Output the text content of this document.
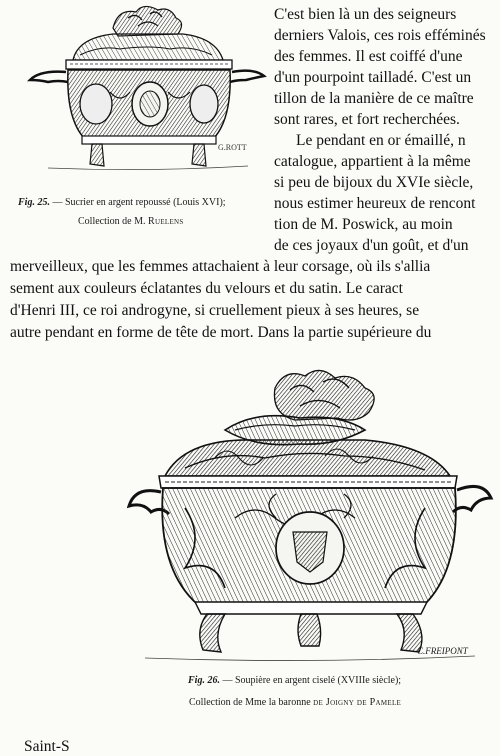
G.ROTT
Fig. 25. — Sucrier en argent repoussé (Louis XVI);
Collection de M. Ruelens
C'est bien là un des seigneurs
derniers Valois, ces rois efféminés
des femmes. Il est coiffé d'une
d'un pourpoint tailladé. C'est un
tillon de la manière de ce maître
sont rares, et fort recherchées.
Le pendant en or émaillé, n
catalogue, appartient à la même
si peu de bijoux du XVIe siècle,
nous estimer heureux de rencont
tion de M. Poswick, au moin
de ces joyaux d'un goût, et d'un
merveilleux, que les femmes attachaient à leur corsage, où ils s'allia
sement aux couleurs éclatantes du velours et du satin. Le caract
d'Henri III, ce roi androgyne, si cruellement pieux à ses heures, se
autre pendant en forme de tête de mort. Dans la partie supérieure du
C.FREIPONT
Fig. 26. — Soupière en argent ciselé (XVIIIe siècle);
Collection de Mme la baronne de Joigny de Pamele
Saint-S
